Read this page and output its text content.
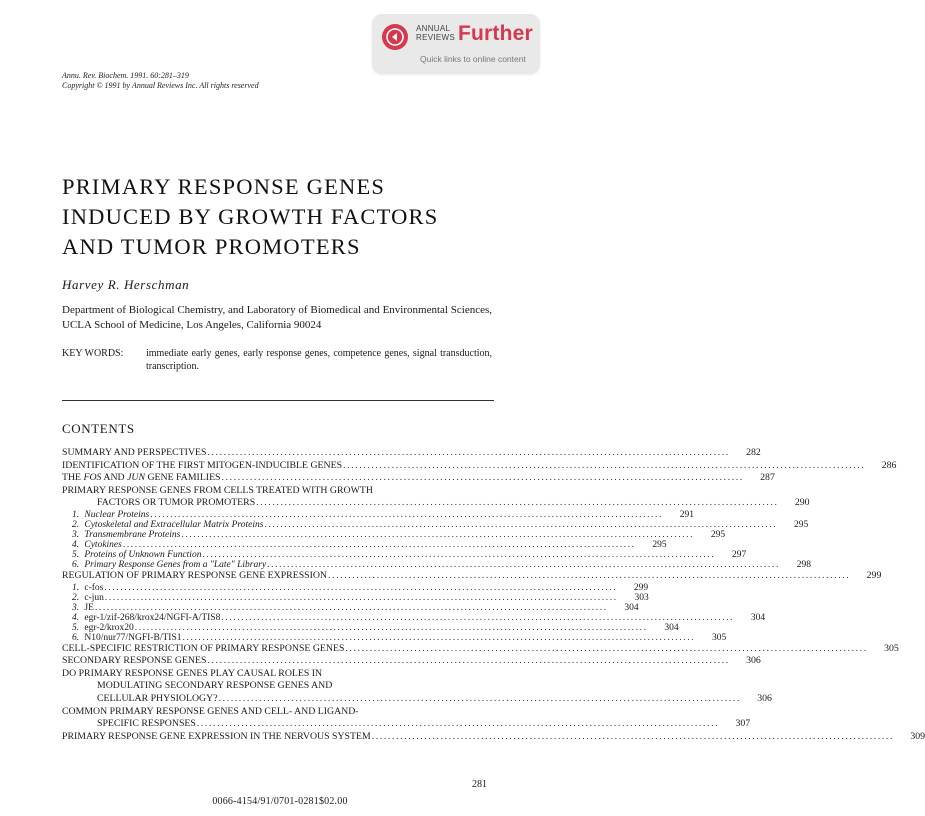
ANNUAL
REVIEWS Further
Quick links to online content
Annu. Rev. Biochem. 1991. 60:281–319
Copyright © 1991 by Annual Reviews Inc. All rights reserved
PRIMARY RESPONSE GENES
INDUCED BY GROWTH FACTORS
AND TUMOR PROMOTERS
Harvey R. Herschman
Department of Biological Chemistry, and Laboratory of Biomedical and Environmental Sciences, UCLA School of Medicine, Los Angeles, California 90024
KEY WORDS:	immediate early genes, early response genes, competence genes, signal transduction, transcription.
CONTENTS
SUMMARY AND PERSPECTIVES .................................................................................................................................	282
IDENTIFICATION OF THE FIRST MITOGEN-INDUCIBLE GENES .................................................................................................................................	286
THE FOS AND JUN GENE FAMILIES .................................................................................................................................	287
PRIMARY RESPONSE GENES FROM CELLS TREATED WITH GROWTH
FACTORS OR TUMOR PROMOTERS .................................................................................................................................	290
1. Nuclear Proteins .................................................................................................................................	291
2. Cytoskeletal and Extracellular Matrix Proteins .................................................................................................................................	295
3. Transmembrane Proteins .................................................................................................................................	295
4. Cytokines .................................................................................................................................	295
5. Proteins of Unknown Function .................................................................................................................................	297
6. Primary Response Genes from a "Late" Library .................................................................................................................................	298
REGULATION OF PRIMARY RESPONSE GENE EXPRESSION .................................................................................................................................	299
1. c-fos .................................................................................................................................	299
2. c-jun .................................................................................................................................	303
3. JE .................................................................................................................................	304
4. egr-1/zif-268/krox24/NGFI-A/TIS8 .................................................................................................................................	304
5. egr-2/krox20 .................................................................................................................................	304
6. N10/nur77/NGFI-B/TIS1 .................................................................................................................................	305
CELL-SPECIFIC RESTRICTION OF PRIMARY RESPONSE GENES .................................................................................................................................	305
SECONDARY RESPONSE GENES .................................................................................................................................	306
DO PRIMARY RESPONSE GENES PLAY CAUSAL ROLES IN
MODULATING SECONDARY RESPONSE GENES AND
CELLULAR PHYSIOLOGY? .................................................................................................................................	306
COMMON PRIMARY RESPONSE GENES AND CELL- AND LIGAND-
SPECIFIC RESPONSES .................................................................................................................................	307
PRIMARY RESPONSE GENE EXPRESSION IN THE NERVOUS SYSTEM .................................................................................................................................	309
281
0066-4154/91/0701-0281$02.00
